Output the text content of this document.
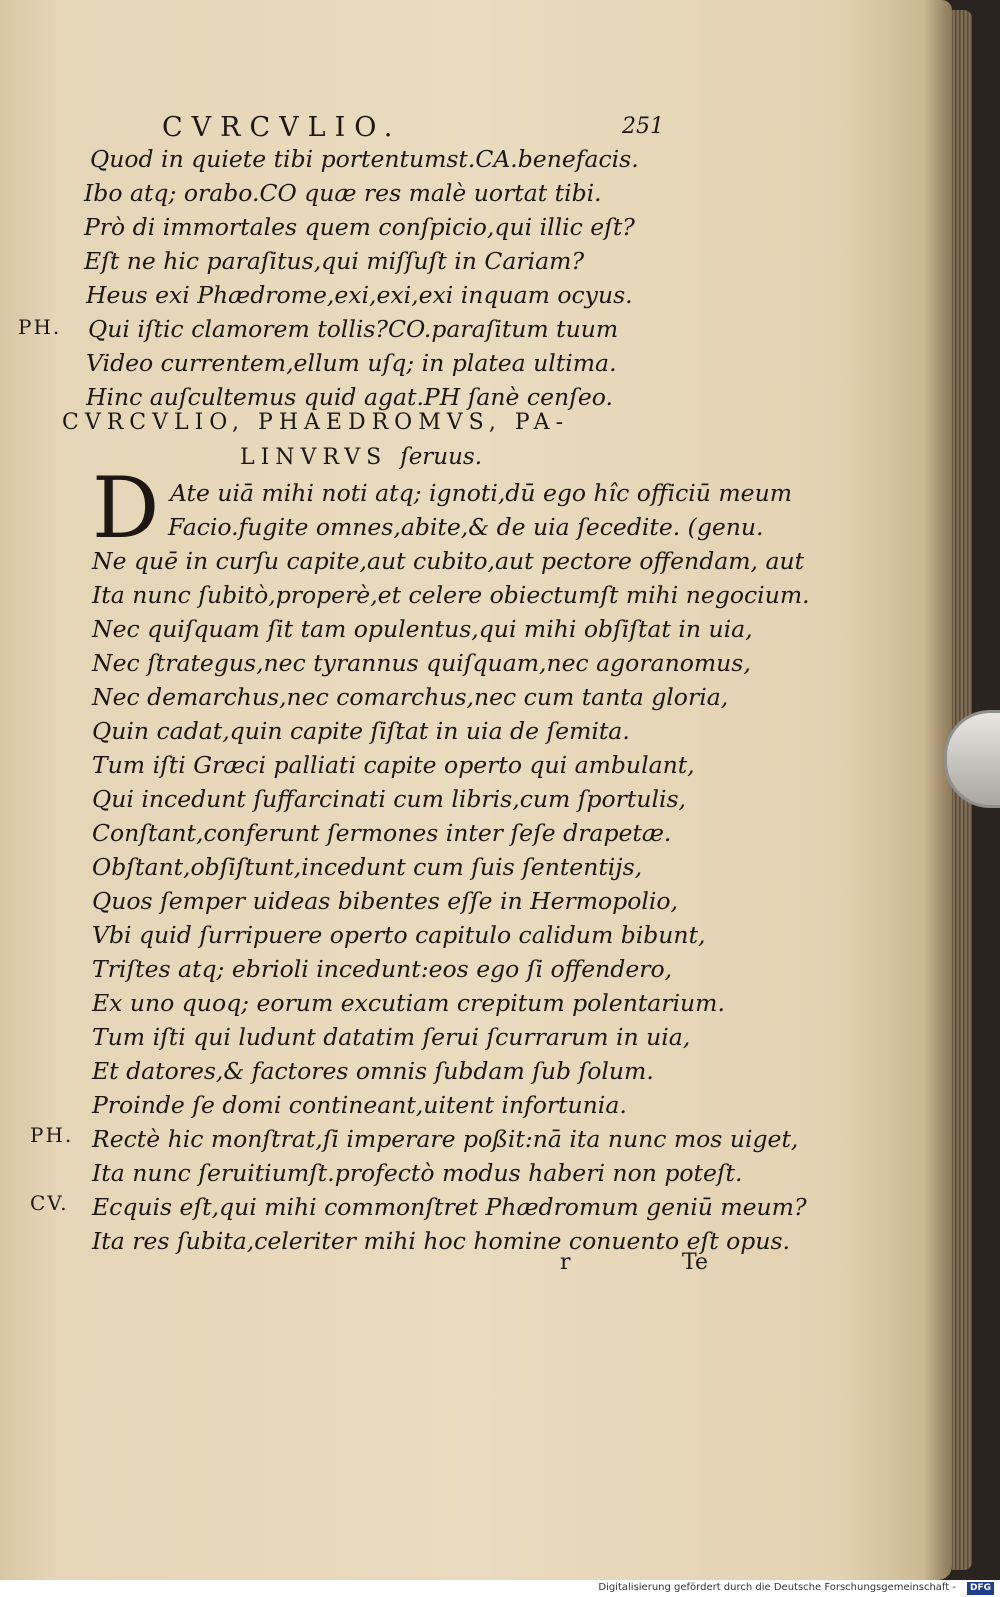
CVRCVLIO.	251
Quod in quiete tibi portentumst.CA.benefacis.
Ibo atq; orabo.CO quæ res malè uortat tibi.
Prò di immortales quem conſpicio,qui illic eſt?
Eſt ne hic paraſitus,qui miſſuſt in Cariam?
Heus exi Phædrome,exi,exi,exi inquam ocyus.
PH. Qui iſtic clamorem tollis?CO.paraſitum tuum
Video currentem,ellum uſq; in platea ultima.
Hinc auſcultemus quid agat.PH ſanè cenſeo.
CVRCVLIO, PHAEDROMVS, PA-
LINVRVS ſeruus.
D Ate uiā mihi noti atq; ignoti,dū ego hîc officiū meum
Facio.fugite omnes,abite,& de uia ſecedite. (genu.
Ne quē in curſu capite,aut cubito,aut pectore offendam, aut
Ita nunc ſubitò,properè,et celere obiectumſt mihi negocium.
Nec quiſquam ſit tam opulentus,qui mihi obſiſtat in uia,
Nec ſtrategus,nec tyrannus quiſquam,nec agoranomus,
Nec demarchus,nec comarchus,nec cum tanta gloria,
Quin cadat,quin capite ſiſtat in uia de ſemita.
Tum iſti Græci palliati capite operto qui ambulant,
Qui incedunt ſuffarcinati cum libris,cum ſportulis,
Conſtant,conferunt ſermones inter ſeſe drapetæ.
Obſtant,obſiſtunt,incedunt cum ſuis ſententijs,
Quos ſemper uideas bibentes eſſe in Hermopolio,
Vbi quid ſurripuere operto capitulo calidum bibunt,
Triſtes atq; ebrioli incedunt:eos ego ſi offendero,
Ex uno quoq; eorum excutiam crepitum polentarium.
Tum iſti qui ludunt datatim ſerui ſcurrarum in uia,
Et datores,& factores omnis ſubdam ſub ſolum.
Proinde ſe domi contineant,uitent infortunia.
PH. Rectè hic monſtrat,ſi imperare poßit:nā ita nunc mos uiget,
Ita nunc ſeruitiumſt.profectò modus haberi non poteſt.
CV. Ecquis eſt,qui mihi commonſtret Phædromum geniū meum?
Ita res ſubita,celeriter mihi hoc homine conuento eſt opus.
r	Te
Digitalisierung gefördert durch die Deutsche Forschungsgemeinschaft -	DFG
